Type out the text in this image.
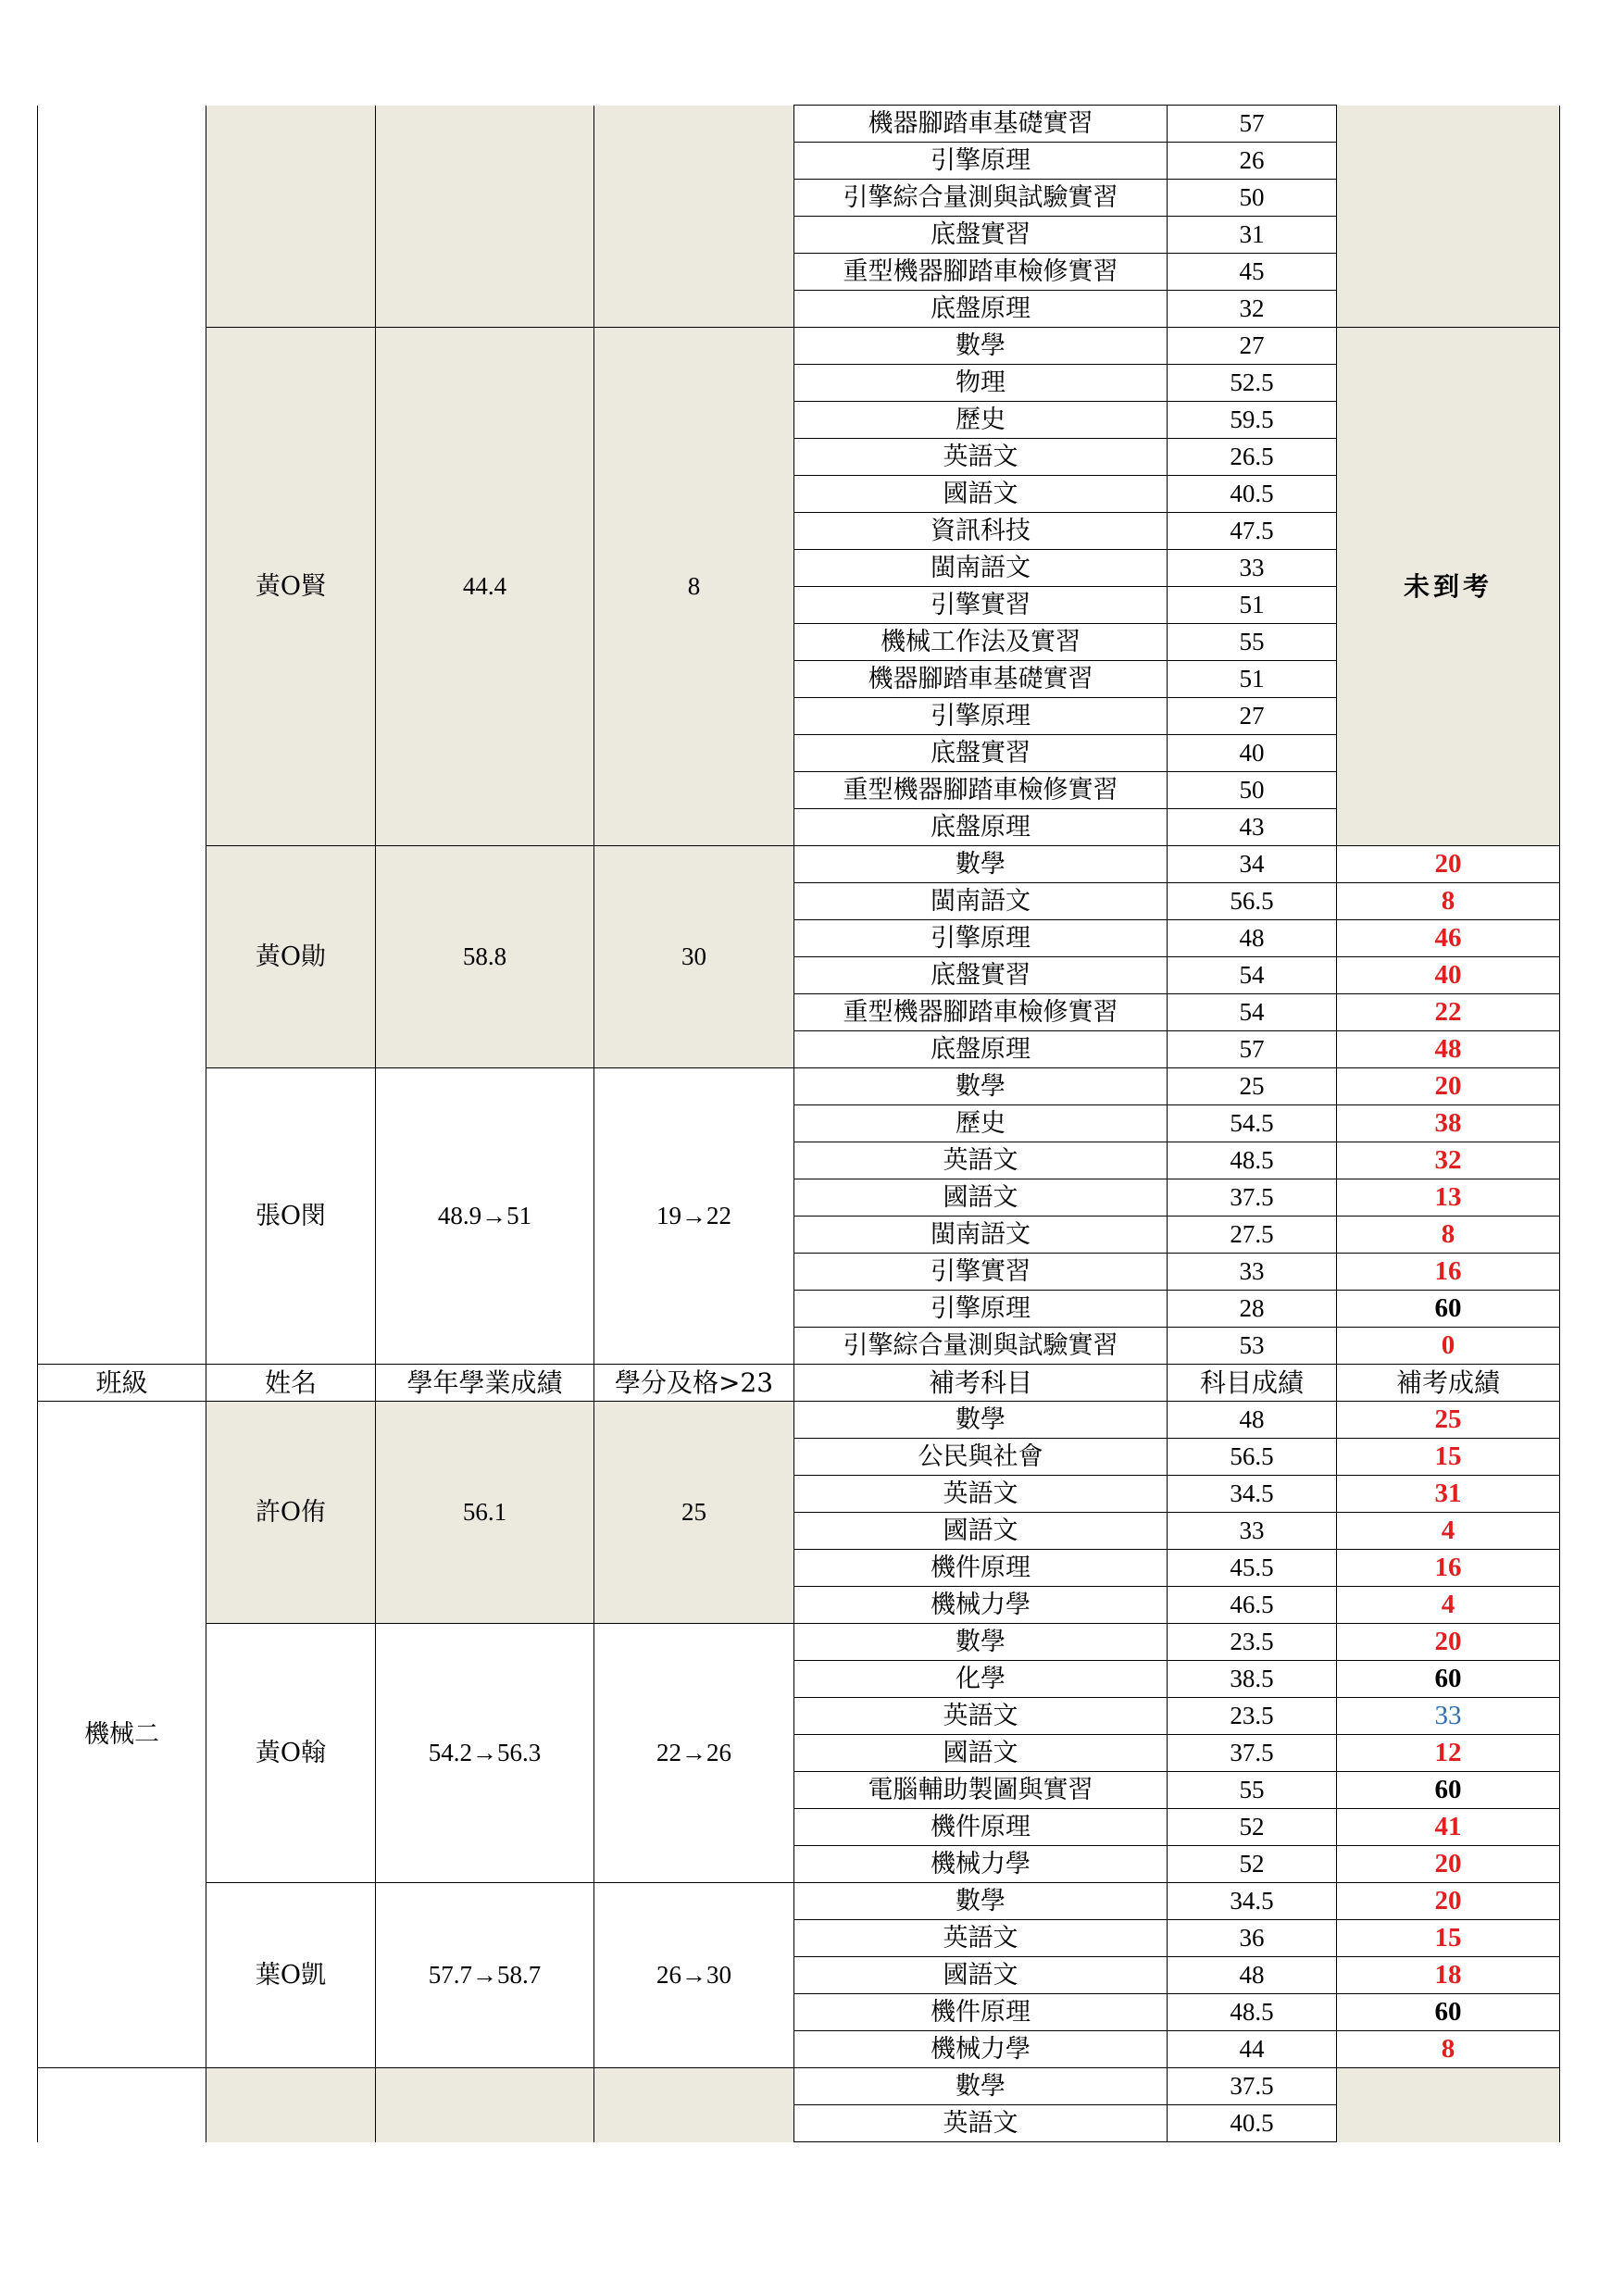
				機器腳踏車基礎實習	57	
				引擎原理	26	
				引擎綜合量測與試驗實習	50	
				底盤實習	31	
				重型機器腳踏車檢修實習	45	
				底盤原理	32	
	黃O賢	44.4	8	數學	27	未到考
				物理	52.5	
				歷史	59.5	
				英語文	26.5	
				國語文	40.5	
				資訊科技	47.5	
				閩南語文	33	
				引擎實習	51	
				機械工作法及實習	55	
				機器腳踏車基礎實習	51	
				引擎原理	27	
				底盤實習	40	
				重型機器腳踏車檢修實習	50	
				底盤原理	43	
	黃O勛	58.8	30	數學	34	20
				閩南語文	56.5	8
				引擎原理	48	46
				底盤實習	54	40
				重型機器腳踏車檢修實習	54	22
				底盤原理	57	48
	張O閔	48.9→51	19→22	數學	25	20
				歷史	54.5	38
				英語文	48.5	32
				國語文	37.5	13
				閩南語文	27.5	8
				引擎實習	33	16
				引擎原理	28	60
				引擎綜合量測與試驗實習	53	0
班級	姓名	學年學業成績	學分及格>23	補考科目	科目成績	補考成績
機械二	許O侑	56.1	25	數學	48	25
				公民與社會	56.5	15
				英語文	34.5	31
				國語文	33	4
				機件原理	45.5	16
				機械力學	46.5	4
	黃O翰	54.2→56.3	22→26	數學	23.5	20
				化學	38.5	60
				英語文	23.5	33
				國語文	37.5	12
				電腦輔助製圖與實習	55	60
				機件原理	52	41
				機械力學	52	20
	葉O凱	57.7→58.7	26→30	數學	34.5	20
				英語文	36	15
				國語文	48	18
				機件原理	48.5	60
				機械力學	44	8
				數學	37.5	
				英語文	40.5	
